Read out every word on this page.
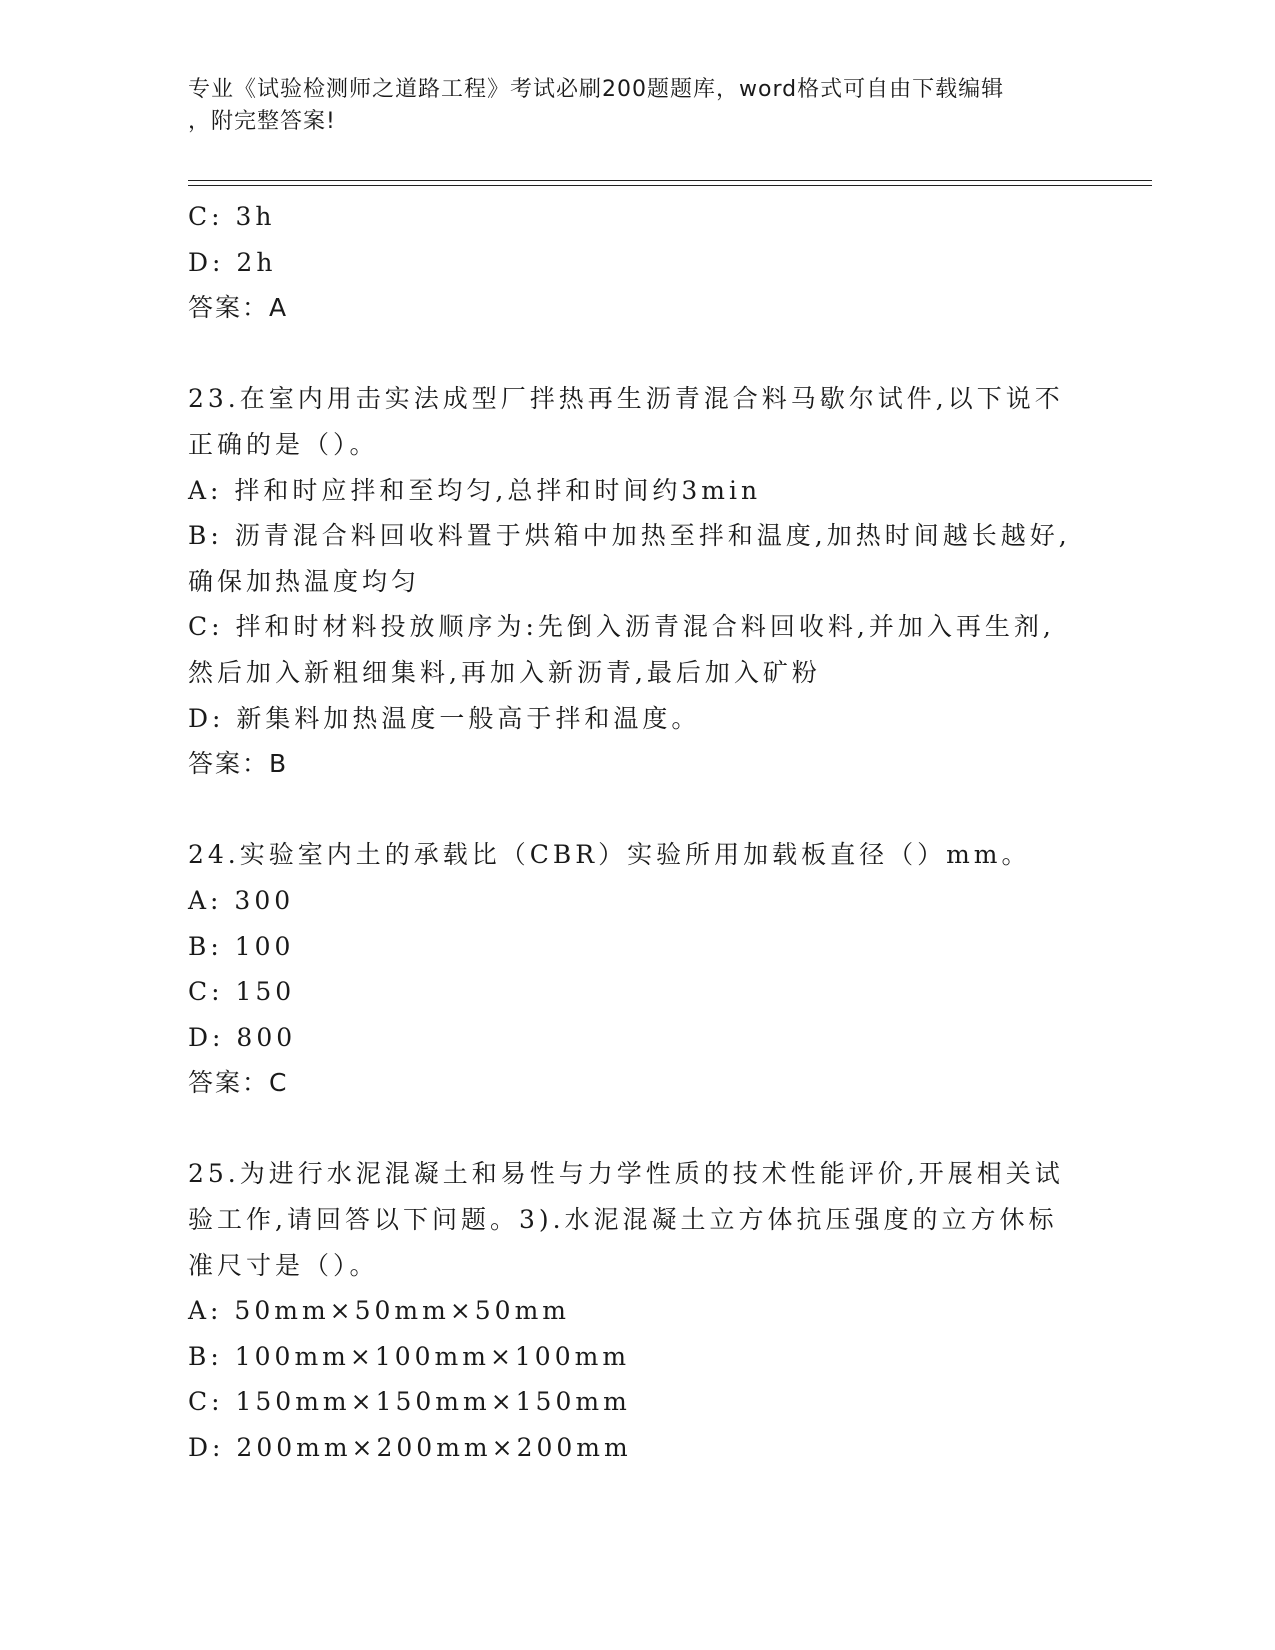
专业《试验检测师之道路工程》考试必刷200题题库，word格式可自由下载编辑
，附完整答案!
C: 3h
D: 2h
答案：A
23.在室内用击实法成型厂拌热再生沥青混合料马歇尔试件,以下说不
正确的是（）。
A: 拌和时应拌和至均匀,总拌和时间约3min
B: 沥青混合料回收料置于烘箱中加热至拌和温度,加热时间越长越好,
确保加热温度均匀
C: 拌和时材料投放顺序为:先倒入沥青混合料回收料,并加入再生剂,
然后加入新粗细集料,再加入新沥青,最后加入矿粉
D: 新集料加热温度一般高于拌和温度。
答案：B
24.实验室内土的承载比（CBR）实验所用加载板直径（）mm。
A: 300
B: 100
C: 150
D: 800
答案：C
25.为进行水泥混凝土和易性与力学性质的技术性能评价,开展相关试
验工作,请回答以下问题。3).水泥混凝土立方体抗压强度的立方休标
准尺寸是（）。
A: 50mm×50mm×50mm
B: 100mm×100mm×100mm
C: 150mm×150mm×150mm
D: 200mm×200mm×200mm
